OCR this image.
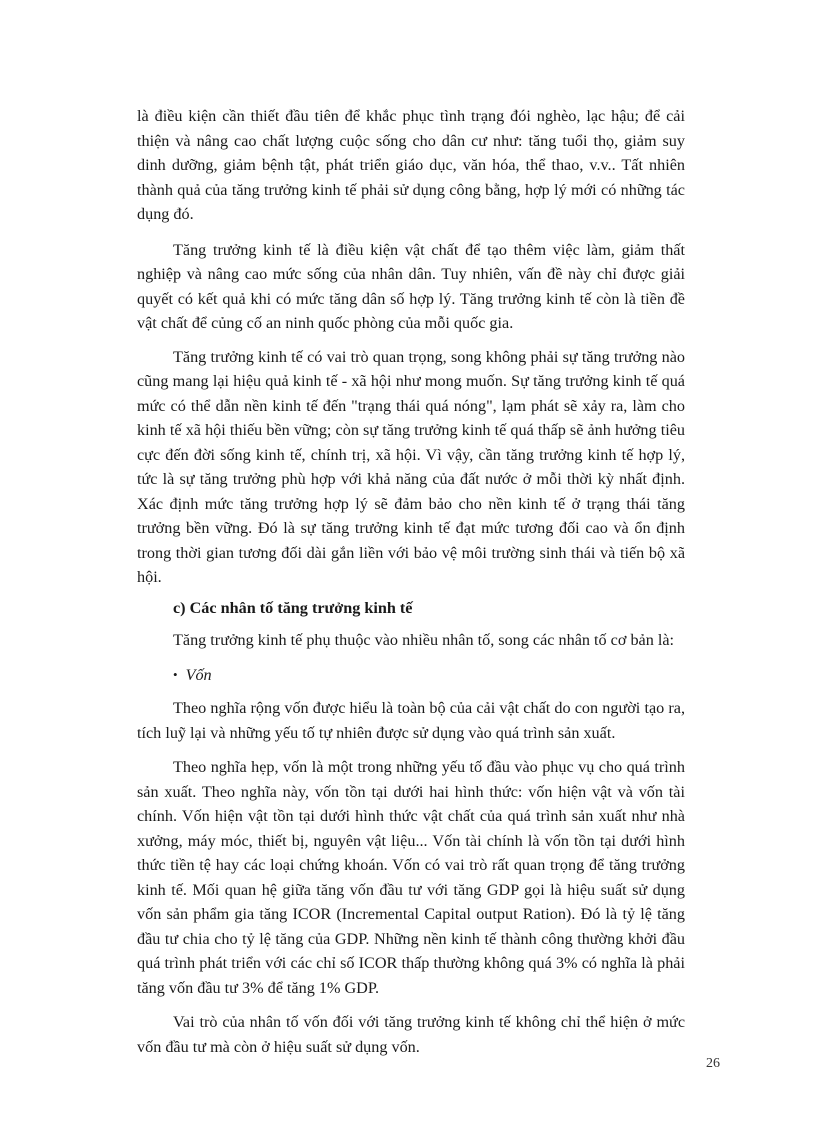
là điều kiện cần thiết đầu tiên để khắc phục tình trạng đói nghèo, lạc hậu; để cải thiện và nâng cao chất lượng cuộc sống cho dân cư như: tăng tuổi thọ, giảm suy dinh dưỡng, giảm bệnh tật, phát triển giáo dục, văn hóa, thể thao, v.v.. Tất nhiên thành quả của tăng trưởng kinh tế phải sử dụng công bằng, hợp lý mới có những tác dụng đó.

Tăng trưởng kinh tế là điều kiện vật chất để tạo thêm việc làm, giảm thất nghiệp và nâng cao mức sống của nhân dân. Tuy nhiên, vấn đề này chỉ được giải quyết có kết quả khi có mức tăng dân số hợp lý. Tăng trưởng kinh tế còn là tiền đề vật chất để củng cố an ninh quốc phòng của mỗi quốc gia.

Tăng trưởng kinh tế có vai trò quan trọng, song không phải sự tăng trưởng nào cũng mang lại hiệu quả kinh tế - xã hội như mong muốn. Sự tăng trưởng kinh tế quá mức có thể dẫn nền kinh tế đến "trạng thái quá nóng", lạm phát sẽ xảy ra, làm cho kinh tế xã hội thiếu bền vững; còn sự tăng trưởng kinh tế quá thấp sẽ ảnh hưởng tiêu cực đến đời sống kinh tế, chính trị, xã hội. Vì vậy, cần tăng trưởng kinh tế hợp lý, tức là sự tăng trưởng phù hợp với khả năng của đất nước ở mỗi thời kỳ nhất định. Xác định mức tăng trưởng hợp lý sẽ đảm bảo cho nền kinh tế ở trạng thái tăng trưởng bền vững. Đó là sự tăng trưởng kinh tế đạt mức tương đối cao và ổn định trong thời gian tương đối dài gắn liền với bảo vệ môi trường sinh thái và tiến bộ xã hội.

c) Các nhân tố tăng trưởng kinh tế

Tăng trưởng kinh tế phụ thuộc vào nhiều nhân tố, song các nhân tố cơ bản là:

• Vốn

Theo nghĩa rộng vốn được hiểu là toàn bộ của cải vật chất do con người tạo ra, tích luỹ lại và những yếu tố tự nhiên được sử dụng vào quá trình sản xuất.

Theo nghĩa hẹp, vốn là một trong những yếu tố đầu vào phục vụ cho quá trình sản xuất. Theo nghĩa này, vốn tồn tại dưới hai hình thức: vốn hiện vật và vốn tài chính. Vốn hiện vật tồn tại dưới hình thức vật chất của quá trình sản xuất như nhà xưởng, máy móc, thiết bị, nguyên vật liệu... Vốn tài chính là vốn tồn tại dưới hình thức tiền tệ hay các loại chứng khoán. Vốn có vai trò rất quan trọng để tăng trưởng kinh tế. Mối quan hệ giữa tăng vốn đầu tư với tăng GDP gọi là hiệu suất sử dụng vốn sản phẩm gia tăng ICOR (Incremental Capital output Ration). Đó là tỷ lệ tăng đầu tư chia cho tỷ lệ tăng của GDP. Những nền kinh tế thành công thường khởi đầu quá trình phát triển với các chỉ số ICOR thấp thường không quá 3% có nghĩa là phải tăng vốn đầu tư 3% để tăng 1% GDP.

Vai trò của nhân tố vốn đối với tăng trưởng kinh tế không chỉ thể hiện ở mức vốn đầu tư mà còn ở hiệu suất sử dụng vốn.

26
